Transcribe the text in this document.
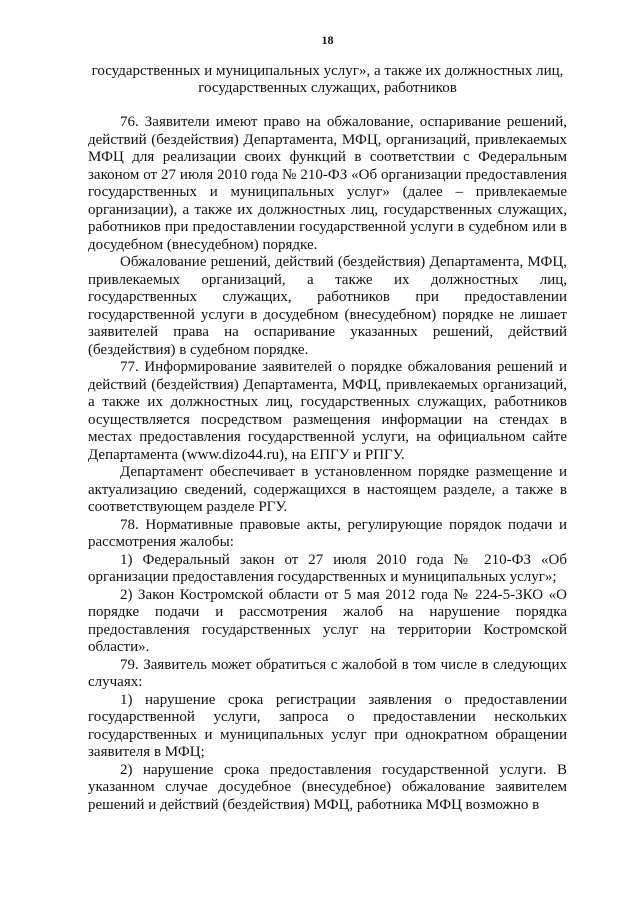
18
государственных и муниципальных услуг», а также их должностных лиц, государственных служащих, работников

76. Заявители имеют право на обжалование, оспаривание решений, действий (бездействия) Департамента, МФЦ, организаций, привлекаемых МФЦ для реализации своих функций в соответствии с Федеральным законом от 27 июля 2010 года № 210-ФЗ «Об организации предоставления государственных и муниципальных услуг» (далее – привлекаемые организации), а также их должностных лиц, государственных служащих, работников при предоставлении государственной услуги в судебном или в досудебном (внесудебном) порядке.

Обжалование решений, действий (бездействия) Департамента, МФЦ, привлекаемых организаций, а также их должностных лиц, государственных служащих, работников при предоставлении государственной услуги в досудебном (внесудебном) порядке не лишает заявителей права на оспаривание указанных решений, действий (бездействия) в судебном порядке.

77. Информирование заявителей о порядке обжалования решений и действий (бездействия) Департамента, МФЦ, привлекаемых организаций, а также их должностных лиц, государственных служащих, работников осуществляется посредством размещения информации на стендах в местах предоставления государственной услуги, на официальном сайте Департамента (www.dizo44.ru), на ЕПГУ и РПГУ.

Департамент обеспечивает в установленном порядке размещение и актуализацию сведений, содержащихся в настоящем разделе, а также в соответствующем разделе РГУ.

78. Нормативные правовые акты, регулирующие порядок подачи и рассмотрения жалобы:

1) Федеральный закон от 27 июля 2010 года № 210-ФЗ «Об организации предоставления государственных и муниципальных услуг»;

2) Закон Костромской области от 5 мая 2012 года № 224-5-ЗКО «О порядке подачи и рассмотрения жалоб на нарушение порядка предоставления государственных услуг на территории Костромской области».

79. Заявитель может обратиться с жалобой в том числе в следующих случаях:

1) нарушение срока регистрации заявления о предоставлении государственной услуги, запроса о предоставлении нескольких государственных и муниципальных услуг при однократном обращении заявителя в МФЦ;

2) нарушение срока предоставления государственной услуги. В указанном случае досудебное (внесудебное) обжалование заявителем решений и действий (бездействия) МФЦ, работника МФЦ возможно в
